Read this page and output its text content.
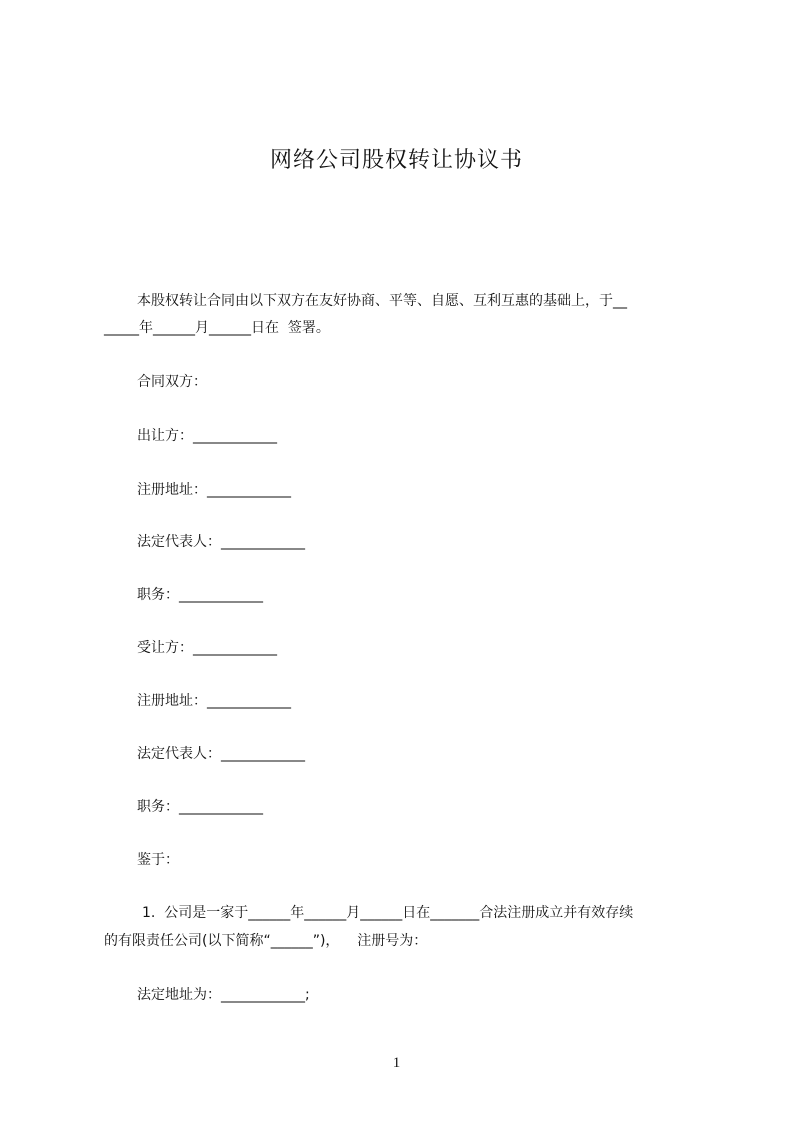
网络公司股权转让协议书
本股权转让合同由以下双方在友好协商、平等、自愿、互利互惠的基础上，于__
_____年______月______日在  签署。
合同双方：
出让方：____________
注册地址：____________
法定代表人：____________
职务：____________
受让方：____________
注册地址：____________
法定代表人：____________
职务：____________
鉴于：
1.  公司是一家于______年______月______日在_______合法注册成立并有效存续
的有限责任公司(以下简称“______”)，    注册号为：
法定地址为：____________;
1
